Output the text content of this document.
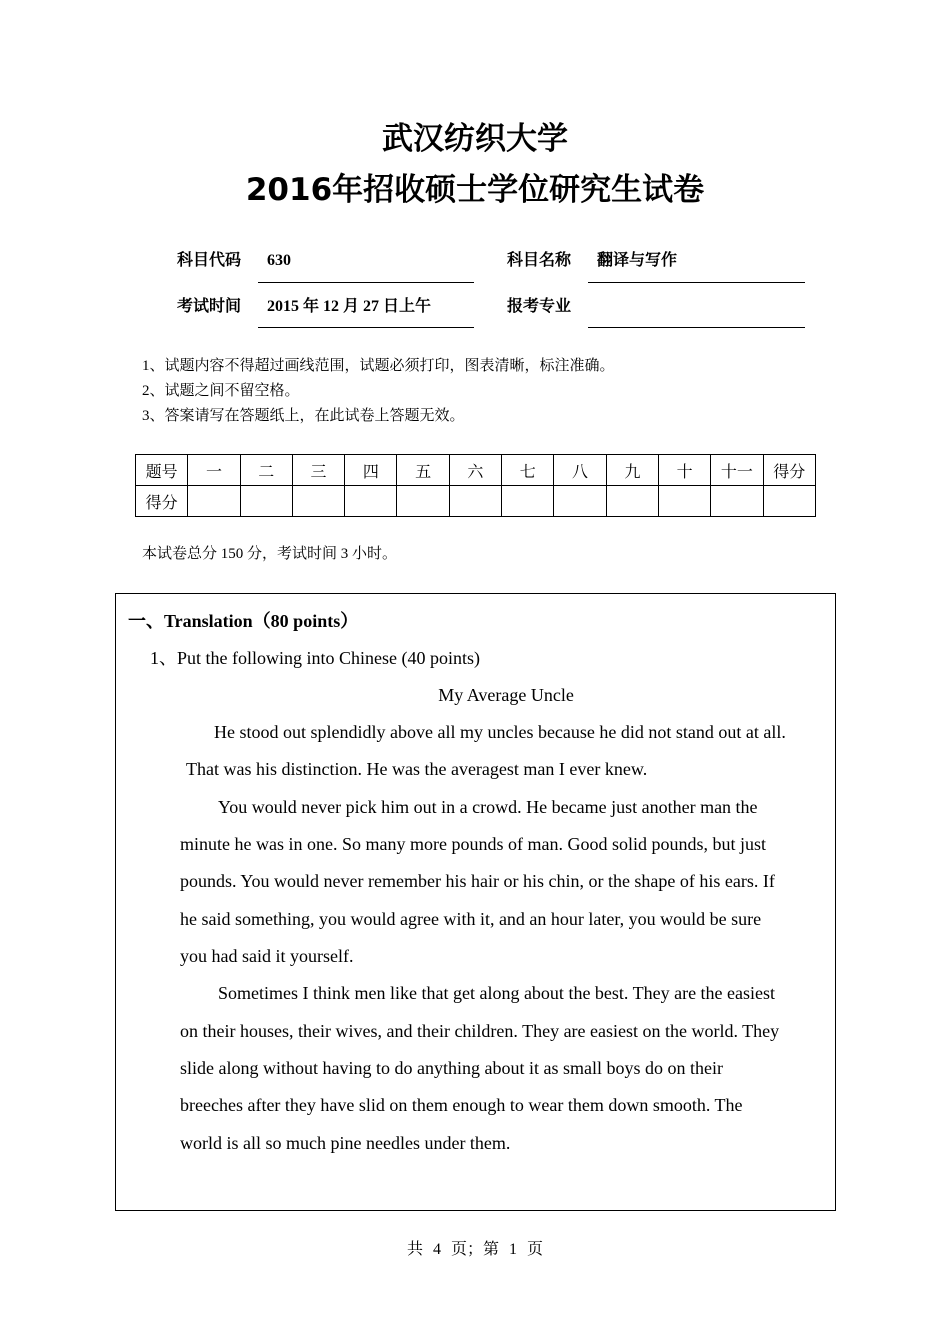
武汉纺织大学
2016年招收硕士学位研究生试卷
科目代码 630	科目名称 翻译与写作
考试时间 2015 年 12 月 27 日上午	报考专业
1、试题内容不得超过画线范围，试题必须打印，图表清晰，标注准确。
2、试题之间不留空格。
3、答案请写在答题纸上，在此试卷上答题无效。
题号	一	二	三	四	五	六	七	八	九	十	十一	得分
得分												
本试卷总分 150 分，考试时间 3 小时。
一、Translation（80 points）
1、Put the following into Chinese (40 points)
My Average Uncle
He stood out splendidly above all my uncles because he did not stand out at all.
That was his distinction. He was the averagest man I ever knew.
You would never pick him out in a crowd. He became just another man the
minute he was in one. So many more pounds of man. Good solid pounds, but just
pounds. You would never remember his hair or his chin, or the shape of his ears. If
he said something, you would agree with it, and an hour later, you would be sure
you had said it yourself.
Sometimes I think men like that get along about the best. They are the easiest
on their houses, their wives, and their children. They are easiest on the world. They
slide along without having to do anything about it as small boys do on their
breeches after they have slid on them enough to wear them down smooth. The
world is all so much pine needles under them.
共 4 页；第 1 页
